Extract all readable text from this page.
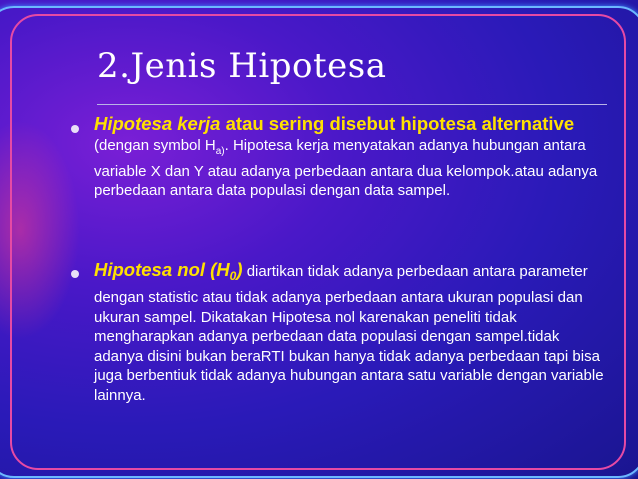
2.Jenis Hipotesa
Hipotesa kerja atau sering disebut hipotesa alternative (dengan symbol $H_{a)}$. Hipotesa kerja menyatakan adanya hubungan antara variable X dan Y atau adanya perbedaan antara dua kelompok.atau adanya perbedaan antara data populasi dengan data sampel.
Hipotesa nol $(H_0)$ diartikan tidak adanya perbedaan antara parameter dengan statistic atau tidak adanya perbedaan antara ukuran populasi dan ukuran sampel. Dikatakan Hipotesa nol karenakan peneliti tidak mengharapkan adanya perbedaan data populasi dengan sampel.tidak adanya disini bukan beraRTI bukan hanya tidak adanya perbedaan tapi bisa juga berbentiuk tidak adanya hubungan antara satu variable dengan variable lainnya.
